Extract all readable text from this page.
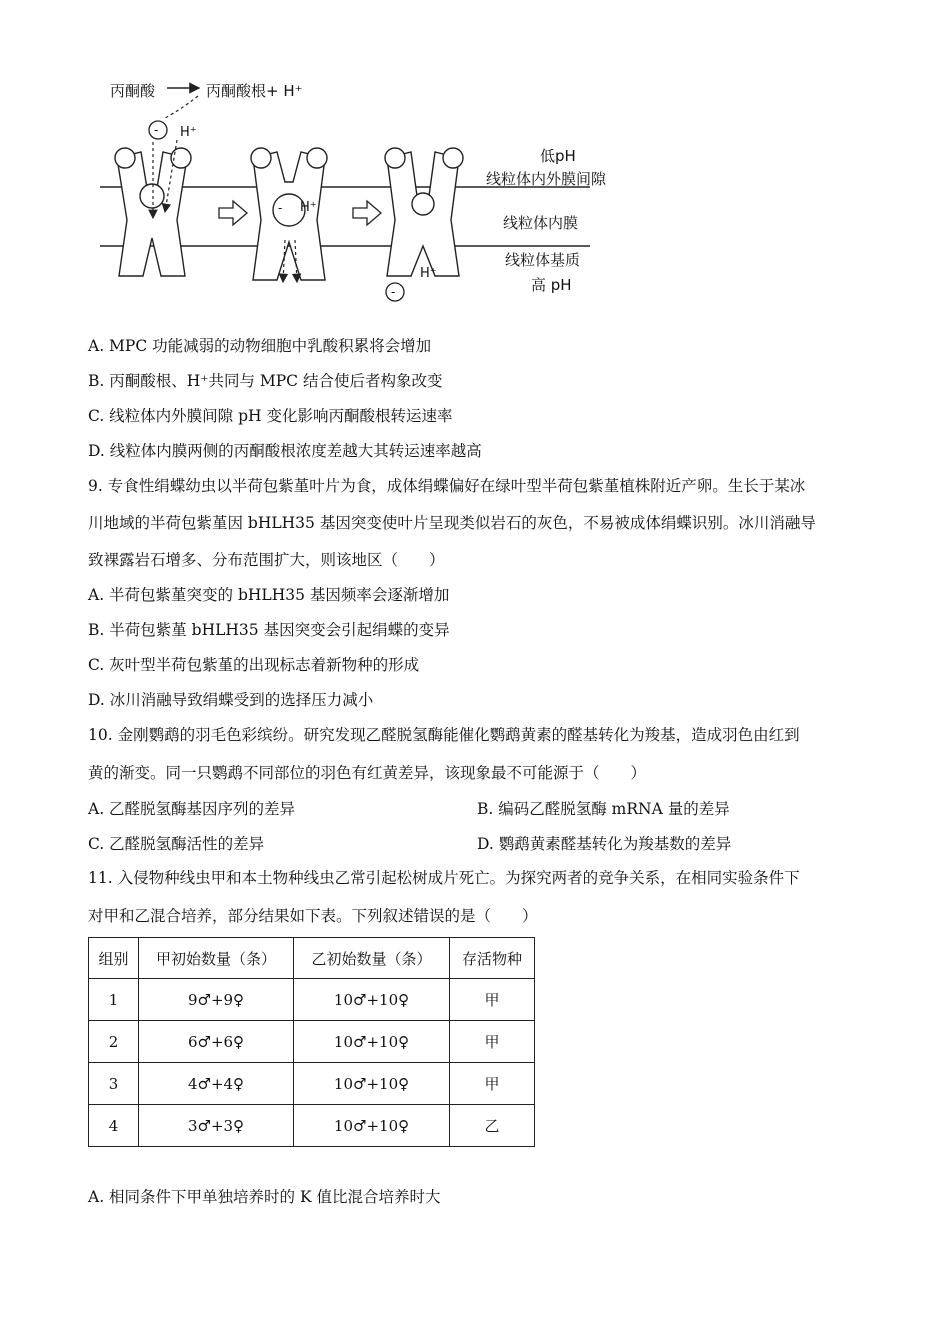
-
-
丙酮酸	丙酮酸根+ H⁺
H⁺
- H⁺
H⁺
低pH
线粒体内外膜间隙
线粒体内膜
线粒体基质
高 pH
A. MPC 功能减弱的动物细胞中乳酸积累将会增加
B. 丙酮酸根、H⁺共同与 MPC 结合使后者构象改变
C. 线粒体内外膜间隙 pH 变化影响丙酮酸根转运速率
D. 线粒体内膜两侧的丙酮酸根浓度差越大其转运速率越高
9. 专食性绢蝶幼虫以半荷包紫堇叶片为食，成体绢蝶偏好在绿叶型半荷包紫堇植株附近产卵。生长于某冰
川地域的半荷包紫堇因 bHLH35 基因突变使叶片呈现类似岩石的灰色，不易被成体绢蝶识别。冰川消融导
致裸露岩石增多、分布范围扩大，则该地区（　　）
A. 半荷包紫堇突变的 bHLH35 基因频率会逐渐增加
B. 半荷包紫堇 bHLH35 基因突变会引起绢蝶的变异
C. 灰叶型半荷包紫堇的出现标志着新物种的形成
D. 冰川消融导致绢蝶受到的选择压力减小
10. 金刚鹦鹉的羽毛色彩缤纷。研究发现乙醛脱氢酶能催化鹦鹉黄素的醛基转化为羧基，造成羽色由红到
黄的渐变。同一只鹦鹉不同部位的羽色有红黄差异，该现象最不可能源于（　　）
A. 乙醛脱氢酶基因序列的差异	B. 编码乙醛脱氢酶 mRNA 量的差异
C. 乙醛脱氢酶活性的差异	D. 鹦鹉黄素醛基转化为羧基数的差异
11. 入侵物种线虫甲和本土物种线虫乙常引起松树成片死亡。为探究两者的竞争关系，在相同实验条件下
对甲和乙混合培养，部分结果如下表。下列叙述错误的是（　　）
组别	甲初始数量（条）	乙初始数量（条）	存活物种
1	9♂+9♀	10♂+10♀	甲
2	6♂+6♀	10♂+10♀	甲
3	4♂+4♀	10♂+10♀	甲
4	3♂+3♀	10♂+10♀	乙
A. 相同条件下甲单独培养时的 K 值比混合培养时大
